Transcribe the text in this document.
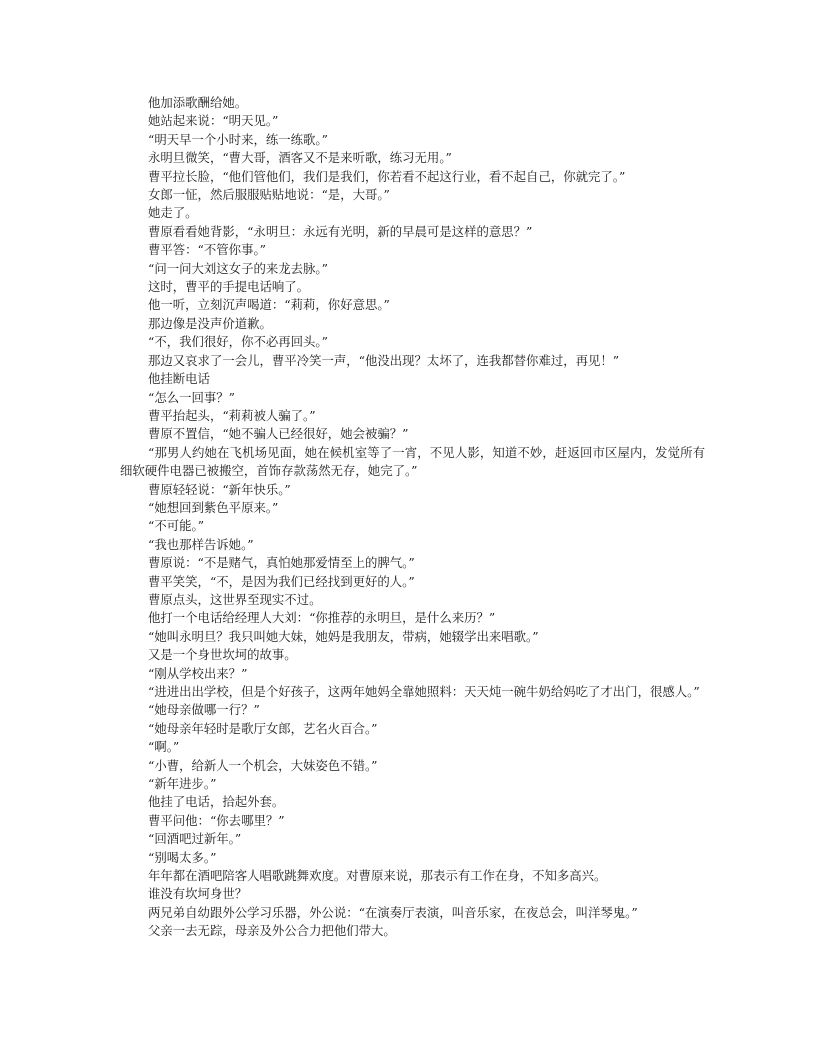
他加添歌酬给她。

她站起来说：“明天见。”

“明天早一个小时来，练一练歌。”

永明旦微笑，“曹大哥，酒客又不是来听歌，练习无用。”

曹平拉长脸，“他们管他们，我们是我们，你若看不起这行业，看不起自己，你就完了。”

女郎一怔，然后服服贴贴地说：“是，大哥。”

她走了。

曹原看看她背影，“永明旦：永远有光明，新的早晨可是这样的意思？”

曹平答：“不管你事。”

“问一问大刘这女子的来龙去脉。”

这时，曹平的手提电话响了。

他一听，立刻沉声喝道：“莉莉，你好意思。”

那边像是没声价道歉。

“不，我们很好，你不必再回头。”

那边又哀求了一会儿，曹平冷笑一声，“他没出现？太坏了，连我都替你难过，再见！”

他挂断电话

“怎么一回事？”

曹平抬起头，“莉莉被人骗了。”

曹原不置信，“她不骗人已经很好，她会被骗？”

“那男人约她在飞机场见面，她在候机室等了一宵，不见人影，知道不妙，赶返回市区屋内，发觉所有细软硬件电器已被搬空，首饰存款荡然无存，她完了。”

曹原轻轻说：“新年快乐。”

“她想回到紫色平原来。”

“不可能。”

“我也那样告诉她。”

曹原说：“不是赌气，真怕她那爱情至上的脾气。”

曹平笑笑，“不，是因为我们已经找到更好的人。”

曹原点头，这世界至现实不过。

他打一个电话给经理人大刘：“你推荐的永明旦，是什么来历？”

“她叫永明旦？我只叫她大妹，她妈是我朋友，带病，她辍学出来唱歌。”

又是一个身世坎坷的故事。

“刚从学校出来？”

“进进出出学校，但是个好孩子，这两年她妈全靠她照料：天天炖一碗牛奶给妈吃了才出门，很感人。”

“她母亲做哪一行？”

“她母亲年轻时是歌厅女郎，艺名火百合。”

“啊。”

“小曹，给新人一个机会，大妹姿色不错。”

“新年进步。”

他挂了电话，拾起外套。

曹平问他：“你去哪里？”

“回酒吧过新年。”

“别喝太多。”

年年都在酒吧陪客人唱歌跳舞欢度。对曹原来说，那表示有工作在身，不知多高兴。

谁没有坎坷身世？

两兄弟自幼跟外公学习乐器，外公说：“在演奏厅表演，叫音乐家，在夜总会，叫洋琴鬼。”

父亲一去无踪，母亲及外公合力把他们带大。
